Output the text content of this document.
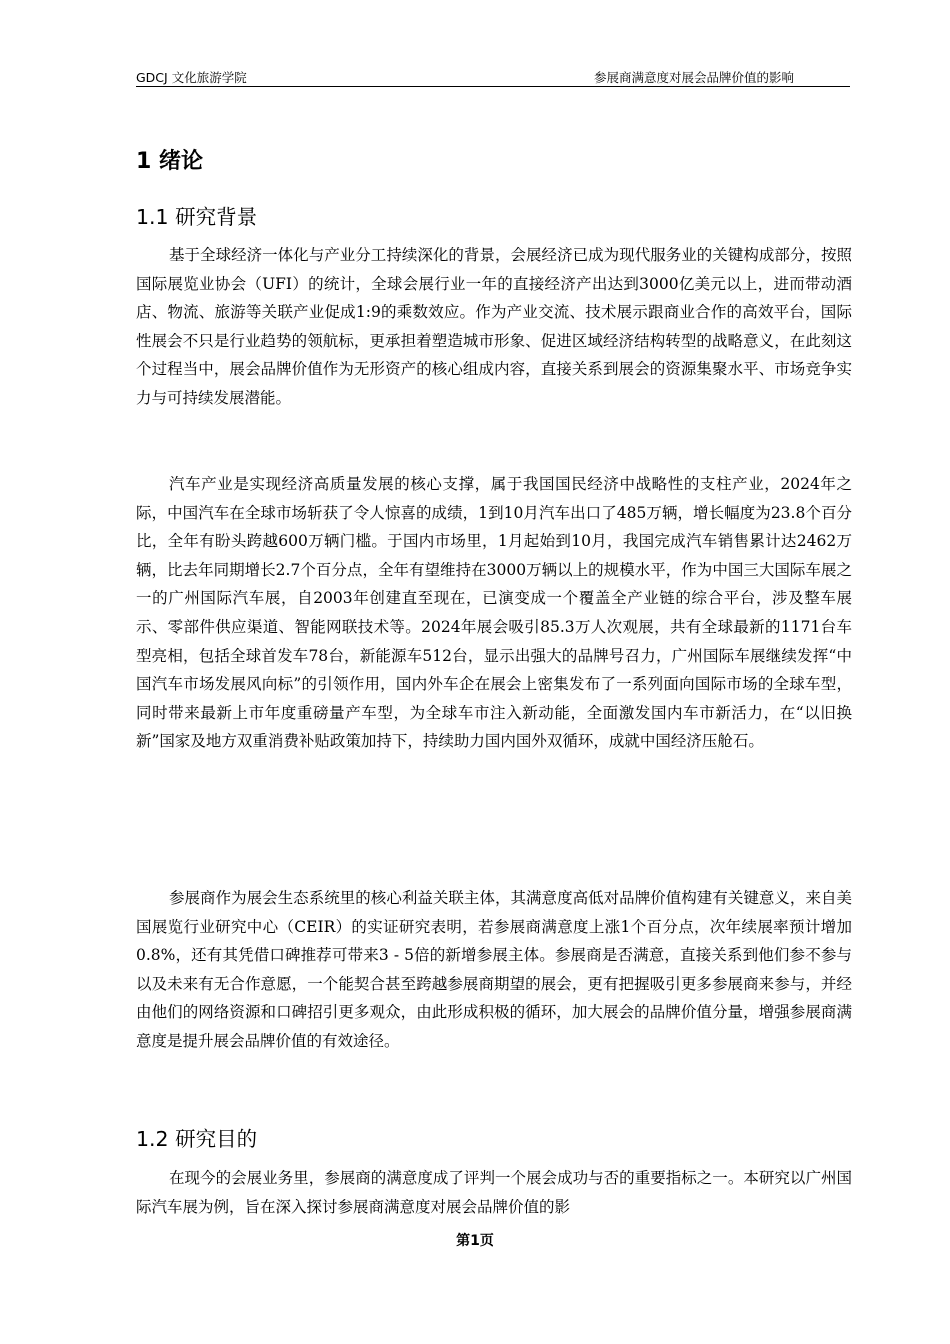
GDCJ 文化旅游学院	参展商满意度对展会品牌价值的影响
1 绪论
1.1 研究背景

基于全球经济一体化与产业分工持续深化的背景，会展经济已成为现代服务业的关键构成部分，按照国际展览业协会（UFI）的统计，全球会展行业一年的直接经济产出达到3000亿美元以上，进而带动酒店、物流、旅游等关联产业促成1:9的乘数效应。作为产业交流、技术展示跟商业合作的高效平台，国际性展会不只是行业趋势的领航标，更承担着塑造城市形象、促进区域经济结构转型的战略意义，在此刻这个过程当中，展会品牌价值作为无形资产的核心组成内容，直接关系到展会的资源集聚水平、市场竞争实力与可持续发展潜能。

汽车产业是实现经济高质量发展的核心支撑，属于我国国民经济中战略性的支柱产业，2024年之际，中国汽车在全球市场斩获了令人惊喜的成绩，1到10月汽车出口了485万辆，增长幅度为23.8个百分比，全年有盼头跨越600万辆门槛。于国内市场里，1月起始到10月，我国完成汽车销售累计达2462万辆，比去年同期增长2.7个百分点，全年有望维持在3000万辆以上的规模水平，作为中国三大国际车展之一的广州国际汽车展，自2003年创建直至现在，已演变成一个覆盖全产业链的综合平台，涉及整车展示、零部件供应渠道、智能网联技术等。2024年展会吸引85.3万人次观展，共有全球最新的1171台车型亮相，包括全球首发车78台，新能源车512台，显示出强大的品牌号召力，广州国际车展继续发挥“中国汽车市场发展风向标”的引领作用，国内外车企在展会上密集发布了一系列面向国际市场的全球车型，同时带来最新上市年度重磅量产车型，为全球车市注入新动能，全面激发国内车市新活力，在“以旧换新”国家及地方双重消费补贴政策加持下，持续助力国内国外双循环，成就中国经济压舱石。

参展商作为展会生态系统里的核心利益关联主体，其满意度高低对品牌价值构建有关键意义，来自美国展览行业研究中心（CEIR）的实证研究表明，若参展商满意度上涨1个百分点，次年续展率预计增加0.8%，还有其凭借口碑推荐可带来3 - 5倍的新增参展主体。参展商是否满意，直接关系到他们参不参与以及未来有无合作意愿，一个能契合甚至跨越参展商期望的展会，更有把握吸引更多参展商来参与，并经由他们的网络资源和口碑招引更多观众，由此形成积极的循环，加大展会的品牌价值分量，增强参展商满意度是提升展会品牌价值的有效途径。

1.2 研究目的

在现今的会展业务里，参展商的满意度成了评判一个展会成功与否的重要指标之一。本研究以广州国际汽车展为例，旨在深入探讨参展商满意度对展会品牌价值的影

第1页
